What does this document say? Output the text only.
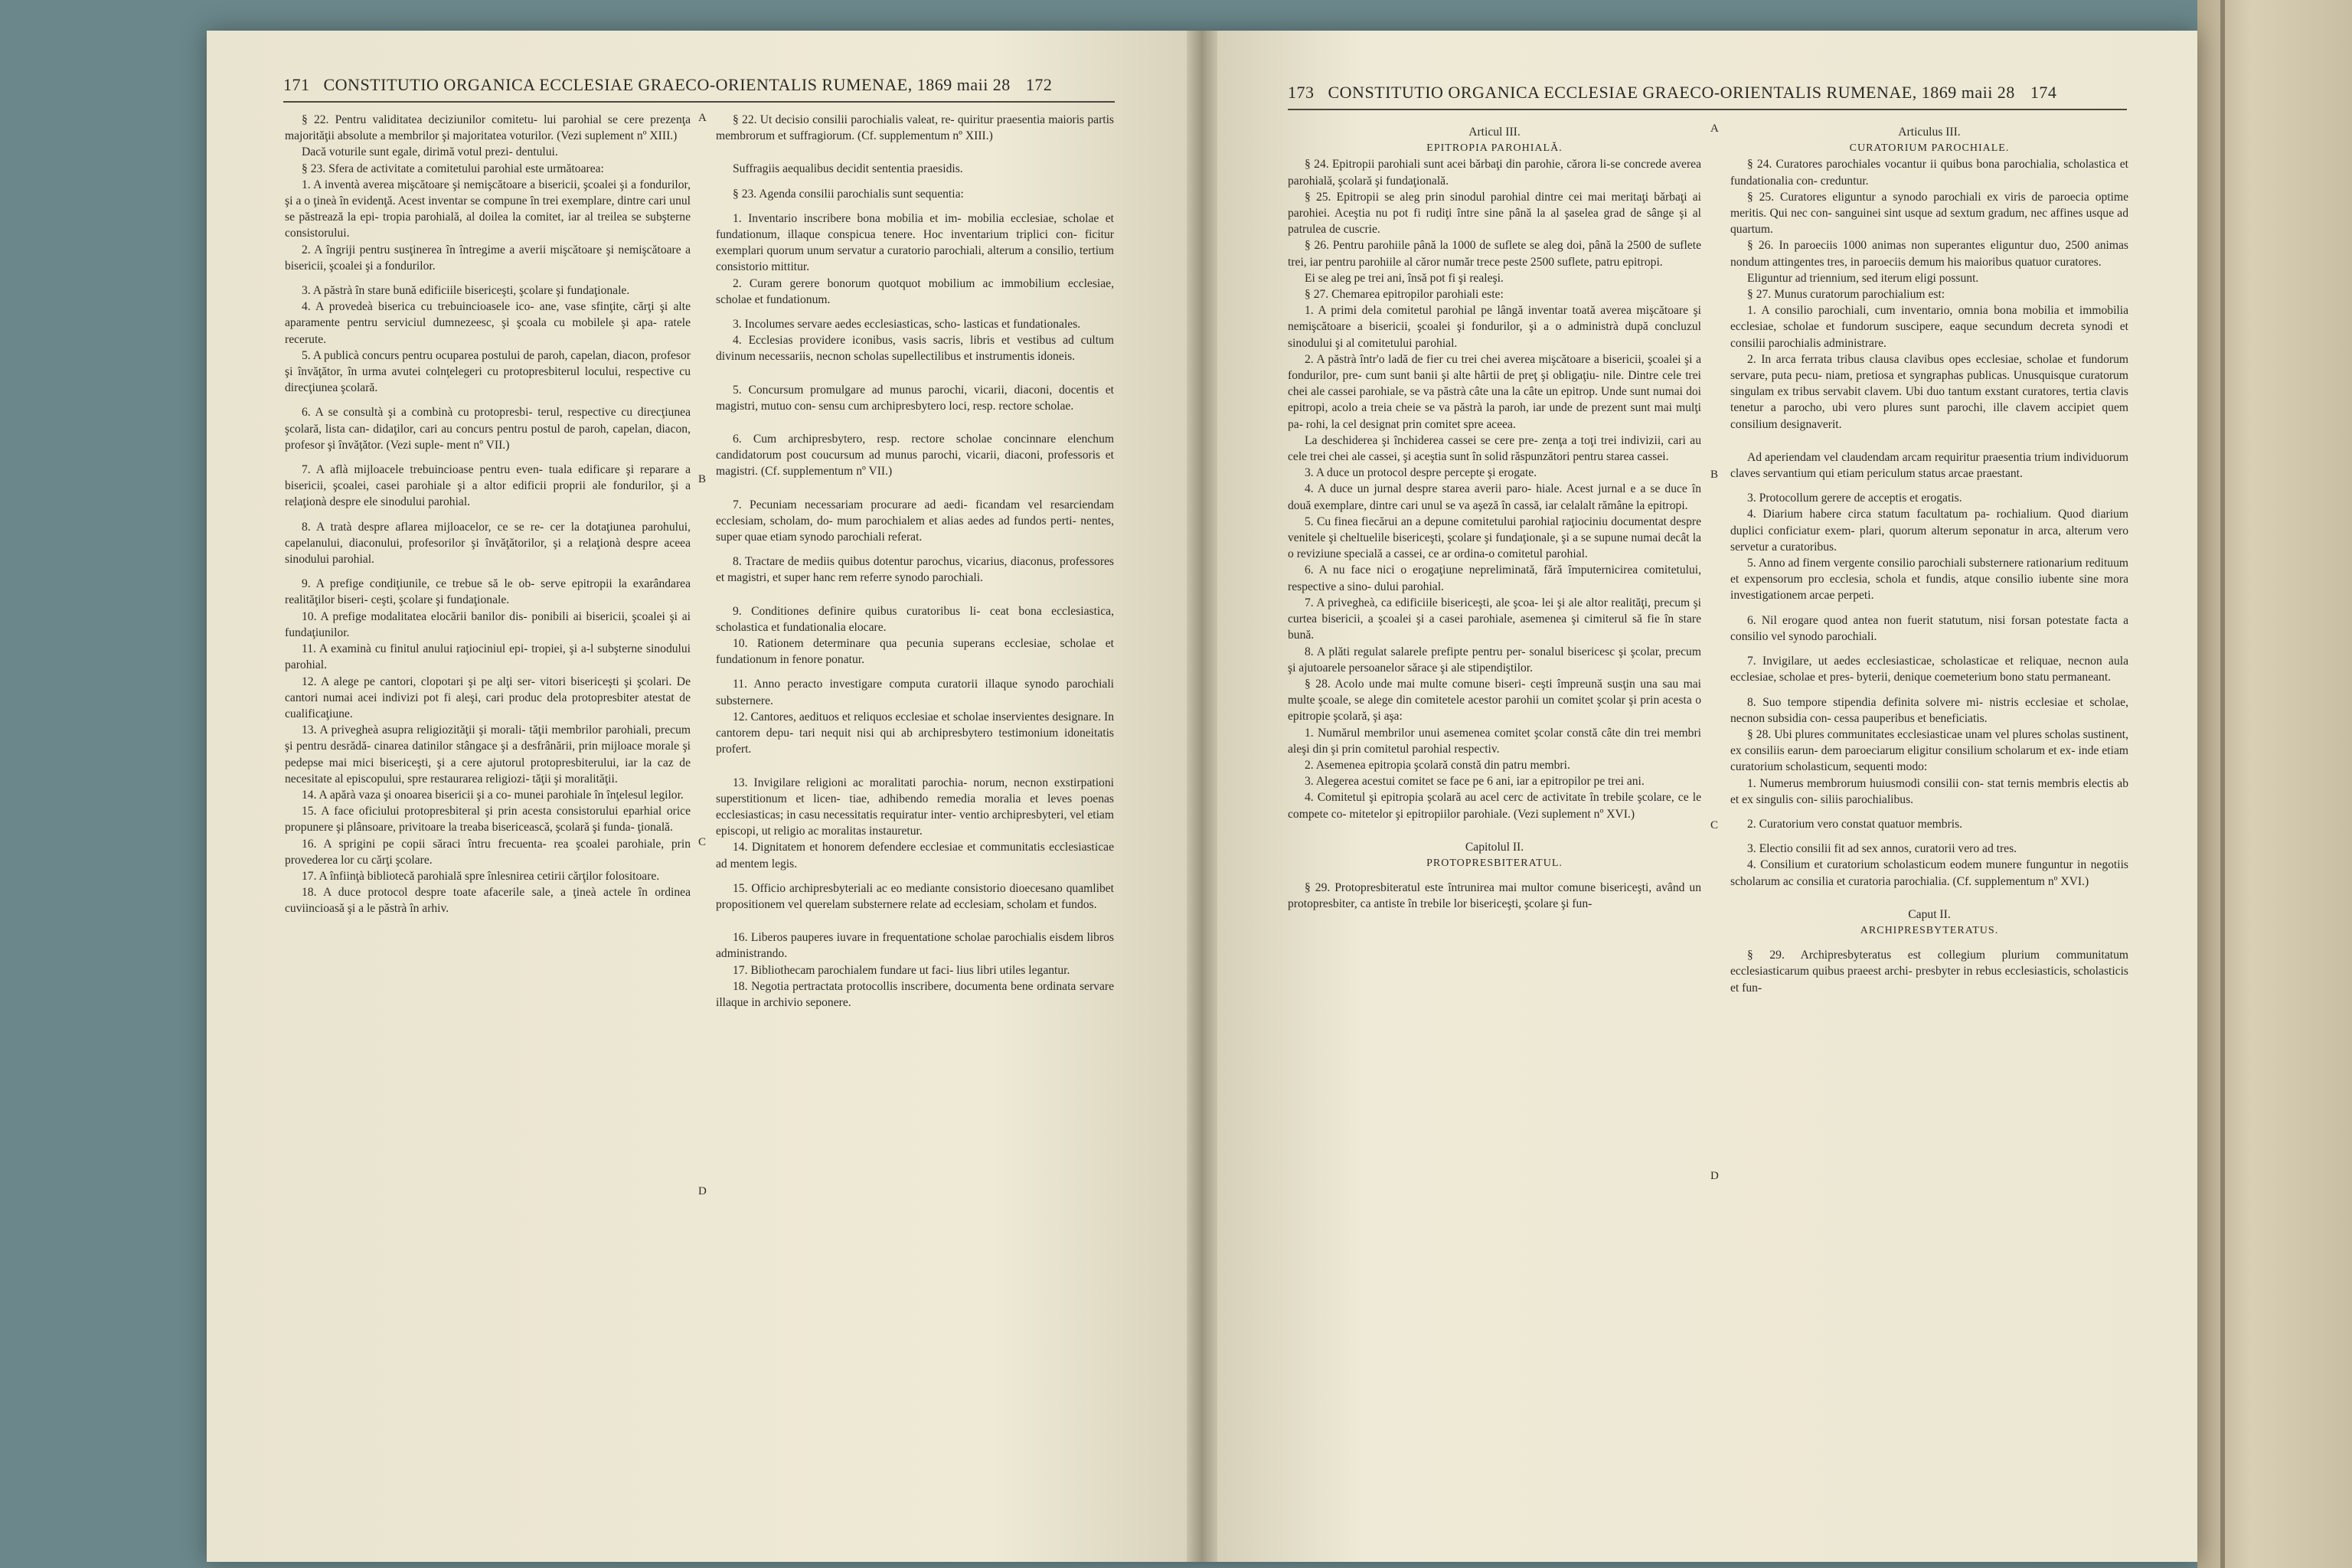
171 CONSTITUTIO ORGANICA ECCLESIAE GRAECO-ORIENTALIS RUMENAE, 1869 maii 28 172

§ 22. Pentru validitatea deciziunilor comitetu- lui parohial se cere prezenţa majorităţii absolute a membrilor şi majoritatea voturilor. (Vezi suplement nº XIII.)

Dacă voturile sunt egale, dirimă votul prezi- dentului.

§ 23. Sfera de activitate a comitetului parohial este următoarea:

1. A inventà averea mişcătoare şi nemişcătoare a bisericii, şcoalei şi a fondurilor, şi a o ţineà în evidenţă. Acest inventar se compune în trei exemplare, dintre cari unul se păstrează la epi- tropia parohială, al doilea la comitet, iar al treilea se subşterne consistorului.

2. A îngriji pentru susţinerea în întregime a averii mişcătoare şi nemişcătoare a bisericii, şcoalei şi a fondurilor.

3. A păstrà în stare bună edificiile bisericeşti, şcolare şi fundaţionale.

4. A provedeà biserica cu trebuincioasele ico- ane, vase sfinţite, cărţi şi alte aparamente pentru serviciul dumnezeesc, şi şcoala cu mobilele şi apa- ratele recerute.

5. A publicà concurs pentru ocuparea postului de paroh, capelan, diacon, profesor şi învăţător, în urma avutei colnţelegeri cu protopresbiterul locului, respective cu direcţiunea şcolară.

6. A se consultà şi a combinà cu protopresbi- terul, respective cu direcţiunea şcolară, lista can- didaţilor, cari au concurs pentru postul de paroh, capelan, diacon, profesor şi învăţător. (Vezi suple- ment nº VII.)

7. A aflà mijloacele trebuincioase pentru even- tuala edificare şi reparare a bisericii, şcoalei, casei parohiale şi a altor edificii proprii ale fondurilor, şi a relaţionà despre ele sinodului parohial.

8. A tratà despre aflarea mijloacelor, ce se re- cer la dotaţiunea parohului, capelanului, diaconului, profesorilor şi învăţătorilor, şi a relaţionà despre aceea sinodului parohial.

9. A prefige condiţiunile, ce trebue să le ob- serve epitropii la exarândarea realităţilor biseri- ceşti, şcolare şi fundaţionale.

10. A prefige modalitatea elocării banilor dis- ponibili ai bisericii, şcoalei şi ai fundaţiunilor.

11. A examinà cu finitul anului raţiociniul epi- tropiei, şi a-l subşterne sinodului parohial.

12. A alege pe cantori, clopotari şi pe alţi ser- vitori bisericeşti şi şcolari. De cantori numai acei indivizi pot fi aleşi, cari produc dela protopresbiter atestat de cualificaţiune.

13. A privegheà asupra religiozităţii şi morali- tăţii membrilor parohiali, precum şi pentru desrădă- cinarea datinilor stângace şi a desfrânării, prin mijloace morale şi pedepse mai mici bisericeşti, şi a cere ajutorul protopresbiterului, iar la caz de necesitate al episcopului, spre restaurarea religiozi- tăţii şi moralităţii.

14. A apărà vaza şi onoarea bisericii şi a co- munei parohiale în înţelesul legilor.

15. A face oficiului protopresbiteral şi prin acesta consistorului eparhial orice propunere şi plânsoare, privitoare la treaba bisericească, şcolară şi funda- ţională.

16. A sprigini pe copii săraci întru frecuenta- rea şcoalei parohiale, prin provederea lor cu cărţi şcolare.

17. A înfiinţà bibliotecă parohială spre înlesnirea cetirii cărţilor folositoare.

18. A duce protocol despre toate afacerile sale, a ţineà actele în ordinea cuviincioasă şi a le păstrà în arhiv.

§ 22. Ut decisio consilii parochialis valeat, re- quiritur praesentia maioris partis membrorum et suffragiorum. (Cf. supplementum nº XIII.)

Suffragiis aequalibus decidit sententia praesidis.

§ 23. Agenda consilii parochialis sunt sequentia:

1. Inventario inscribere bona mobilia et im- mobilia ecclesiae, scholae et fundationum, illaque conspicua tenere. Hoc inventarium triplici con- ficitur exemplari quorum unum servatur a curatorio parochiali, alterum a consilio, tertium consistorio mittitur.

2. Curam gerere bonorum quotquot mobilium ac immobilium ecclesiae, scholae et fundationum.

3. Incolumes servare aedes ecclesiasticas, scho- lasticas et fundationales.

4. Ecclesias providere iconibus, vasis sacris, libris et vestibus ad cultum divinum necessariis, necnon scholas supellectilibus et instrumentis idoneis.

5. Concursum promulgare ad munus parochi, vicarii, diaconi, docentis et magistri, mutuo con- sensu cum archipresbytero loci, resp. rectore scholae.

6. Cum archipresbytero, resp. rectore scholae concinnare elenchum candidatorum post coucursum ad munus parochi, vicarii, diaconi, professoris et magistri. (Cf. supplementum nº VII.)

7. Pecuniam necessariam procurare ad aedi- ficandam vel resarciendam ecclesiam, scholam, do- mum parochialem et alias aedes ad fundos perti- nentes, super quae etiam synodo parochiali referat.

8. Tractare de mediis quibus dotentur parochus, vicarius, diaconus, professores et magistri, et super hanc rem referre synodo parochiali.

9. Conditiones definire quibus curatoribus li- ceat bona ecclesiastica, scholastica et fundationalia elocare.

10. Rationem determinare qua pecunia superans ecclesiae, scholae et fundationum in fenore ponatur.

11. Anno peracto investigare computa curatorii illaque synodo parochiali substernere.

12. Cantores, aedituos et reliquos ecclesiae et scholae inservientes designare. In cantorem depu- tari nequit nisi qui ab archipresbytero testimonium idoneitatis profert.

13. Invigilare religioni ac moralitati parochia- norum, necnon exstirpationi superstitionum et licen- tiae, adhibendo remedia moralia et leves poenas ecclesiasticas; in casu necessitatis requiratur inter- ventio archipresbyteri, vel etiam episcopi, ut religio ac moralitas instauretur.

14. Dignitatem et honorem defendere ecclesiae et communitatis ecclesiasticae ad mentem legis.

15. Officio archipresbyteriali ac eo mediante consistorio dioecesano quamlibet propositionem vel querelam substernere relate ad ecclesiam, scholam et fundos.

16. Liberos pauperes iuvare in frequentatione scholae parochialis eisdem libros administrando.

17. Bibliothecam parochialem fundare ut faci- lius libri utiles legantur.

18. Negotia pertractata protocollis inscribere, documenta bene ordinata servare illaque in archivio seponere.

A
B
C
D
173 CONSTITUTIO ORGANICA ECCLESIAE GRAECO-ORIENTALIS RUMENAE, 1869 maii 28 174

Articul III.

EPITROPIA PAROHIALĂ.

§ 24. Epitropii parohiali sunt acei bărbaţi din parohie, cărora li-se concrede averea parohială, şcolară şi fundaţională.

§ 25. Epitropii se aleg prin sinodul parohial dintre cei mai meritaţi bărbaţi ai parohiei. Aceştia nu pot fi rudiţi între sine până la al şaselea grad de sânge şi al patrulea de cuscrie.

§ 26. Pentru parohiile până la 1000 de suflete se aleg doi, până la 2500 de suflete trei, iar pentru parohiile al căror număr trece peste 2500 suflete, patru epitropi.

Ei se aleg pe trei ani, însă pot fi şi realeşi.

§ 27. Chemarea epitropilor parohiali este:

1. A primi dela comitetul parohial pe lângă inventar toată averea mişcătoare şi nemişcătoare a bisericii, şcoalei şi fondurilor, şi a o administrà după concluzul sinodului şi al comitetului parohial.

2. A păstrà într'o ladă de fier cu trei chei averea mişcătoare a bisericii, şcoalei şi a fondurilor, pre- cum sunt banii şi alte hârtii de preţ şi obligaţiu- nile. Dintre cele trei chei ale cassei parohiale, se va păstrà câte una la câte un epitrop. Unde sunt numai doi epitropi, acolo a treia cheie se va păstrà la paroh, iar unde de prezent sunt mai mulţi pa- rohi, la cel designat prin comitet spre aceea.

La deschiderea şi închiderea cassei se cere pre- zenţa a toţi trei indivizii, cari au cele trei chei ale cassei, şi aceştia sunt în solid răspunzători pentru starea cassei.

3. A duce un protocol despre percepte şi erogate.

4. A duce un jurnal despre starea averii paro- hiale. Acest jurnal e a se duce în două exemplare, dintre cari unul se va aşeză în cassă, iar celalalt rămâne la epitropi.

5. Cu finea fiecărui an a depune comitetului parohial raţiociniu documentat despre venitele şi cheltuelile bisericeşti, şcolare şi fundaţionale, şi a se supune numai decât la o reviziune specială a cassei, ce ar ordina-o comitetul parohial.

6. A nu face nici o erogaţiune nepreliminată, fără împuternicirea comitetului, respective a sino- dului parohial.

7. A privegheà, ca edificiile bisericeşti, ale şcoa- lei şi ale altor realităţi, precum şi curtea bisericii, a şcoalei şi a casei parohiale, asemenea şi cimiterul să fie în stare bună.

8. A plăti regulat salarele prefipte pentru per- sonalul bisericesc şi şcolar, precum şi ajutoarele persoanelor sărace şi ale stipendiştilor.

§ 28. Acolo unde mai multe comune biseri- ceşti împreună susţin una sau mai multe şcoale, se alege din comitetele acestor parohii un comitet şcolar şi prin acesta o epitropie şcolară, şi aşa:

1. Numărul membrilor unui asemenea comitet şcolar constă câte din trei membri aleşi din şi prin comitetul parohial respectiv.

2. Asemenea epitropia şcolară constă din patru membri.

3. Alegerea acestui comitet se face pe 6 ani, iar a epitropilor pe trei ani.

4. Comitetul şi epitropia şcolară au acel cerc de activitate în trebile şcolare, ce le compete co- mitetelor şi epitropiilor parohiale. (Vezi suplement nº XVI.)

Capitolul II.

PROTOPRESBITERATUL.

§ 29. Protopresbiteratul este întrunirea mai multor comune bisericeşti, având un protopresbiter, ca antiste în trebile lor bisericeşti, şcolare şi fun-

Articulus III.

CURATORIUM PAROCHIALE.

§ 24. Curatores parochiales vocantur ii quibus bona parochialia, scholastica et fundationalia con- creduntur.

§ 25. Curatores eliguntur a synodo parochiali ex viris de paroecia optime meritis. Qui nec con- sanguinei sint usque ad sextum gradum, nec affines usque ad quartum.

§ 26. In paroeciis 1000 animas non superantes eliguntur duo, 2500 animas nondum attingentes tres, in paroeciis demum his maioribus quatuor curatores.

Eliguntur ad triennium, sed iterum eligi possunt.

§ 27. Munus curatorum parochialium est:

1. A consilio parochiali, cum inventario, omnia bona mobilia et immobilia ecclesiae, scholae et fundorum suscipere, eaque secundum decreta synodi et consilii parochialis administrare.

2. In arca ferrata tribus clausa clavibus opes ecclesiae, scholae et fundorum servare, puta pecu- niam, pretiosa et syngraphas publicas. Unusquisque curatorum singulam ex tribus servabit clavem. Ubi duo tantum exstant curatores, tertia clavis tenetur a parocho, ubi vero plures sunt parochi, ille clavem accipiet quem consilium designaverit.

Ad aperiendam vel claudendam arcam requiritur praesentia trium individuorum claves servantium qui etiam periculum status arcae praestant.

3. Protocollum gerere de acceptis et erogatis.

4. Diarium habere circa statum facultatum pa- rochialium. Quod diarium duplici conficiatur exem- plari, quorum alterum seponatur in arca, alterum vero servetur a curatoribus.

5. Anno ad finem vergente consilio parochiali substernere rationarium redituum et expensorum pro ecclesia, schola et fundis, atque consilio iubente sine mora investigationem arcae perpeti.

6. Nil erogare quod antea non fuerit statutum, nisi forsan potestate facta a consilio vel synodo parochiali.

7. Invigilare, ut aedes ecclesiasticae, scholasticae et reliquae, necnon aula ecclesiae, scholae et pres- byterii, denique coemeterium bono statu permaneant.

8. Suo tempore stipendia definita solvere mi- nistris ecclesiae et scholae, necnon subsidia con- cessa pauperibus et beneficiatis.

§ 28. Ubi plures communitates ecclesiasticae unam vel plures scholas sustinent, ex consiliis earun- dem paroeciarum eligitur consilium scholarum et ex- inde etiam curatorium scholasticum, sequenti modo:

1. Numerus membrorum huiusmodi consilii con- stat ternis membris electis ab et ex singulis con- siliis parochialibus.

2. Curatorium vero constat quatuor membris.

3. Electio consilii fit ad sex annos, curatorii vero ad tres.

4. Consilium et curatorium scholasticum eodem munere funguntur in negotiis scholarum ac consilia et curatoria parochialia. (Cf. supplementum nº XVI.)

Caput II.

ARCHIPRESBYTERATUS.

§ 29. Archipresbyteratus est collegium plurium communitatum ecclesiasticarum quibus praeest archi- presbyter in rebus ecclesiasticis, scholasticis et fun-

A
B
C
D
